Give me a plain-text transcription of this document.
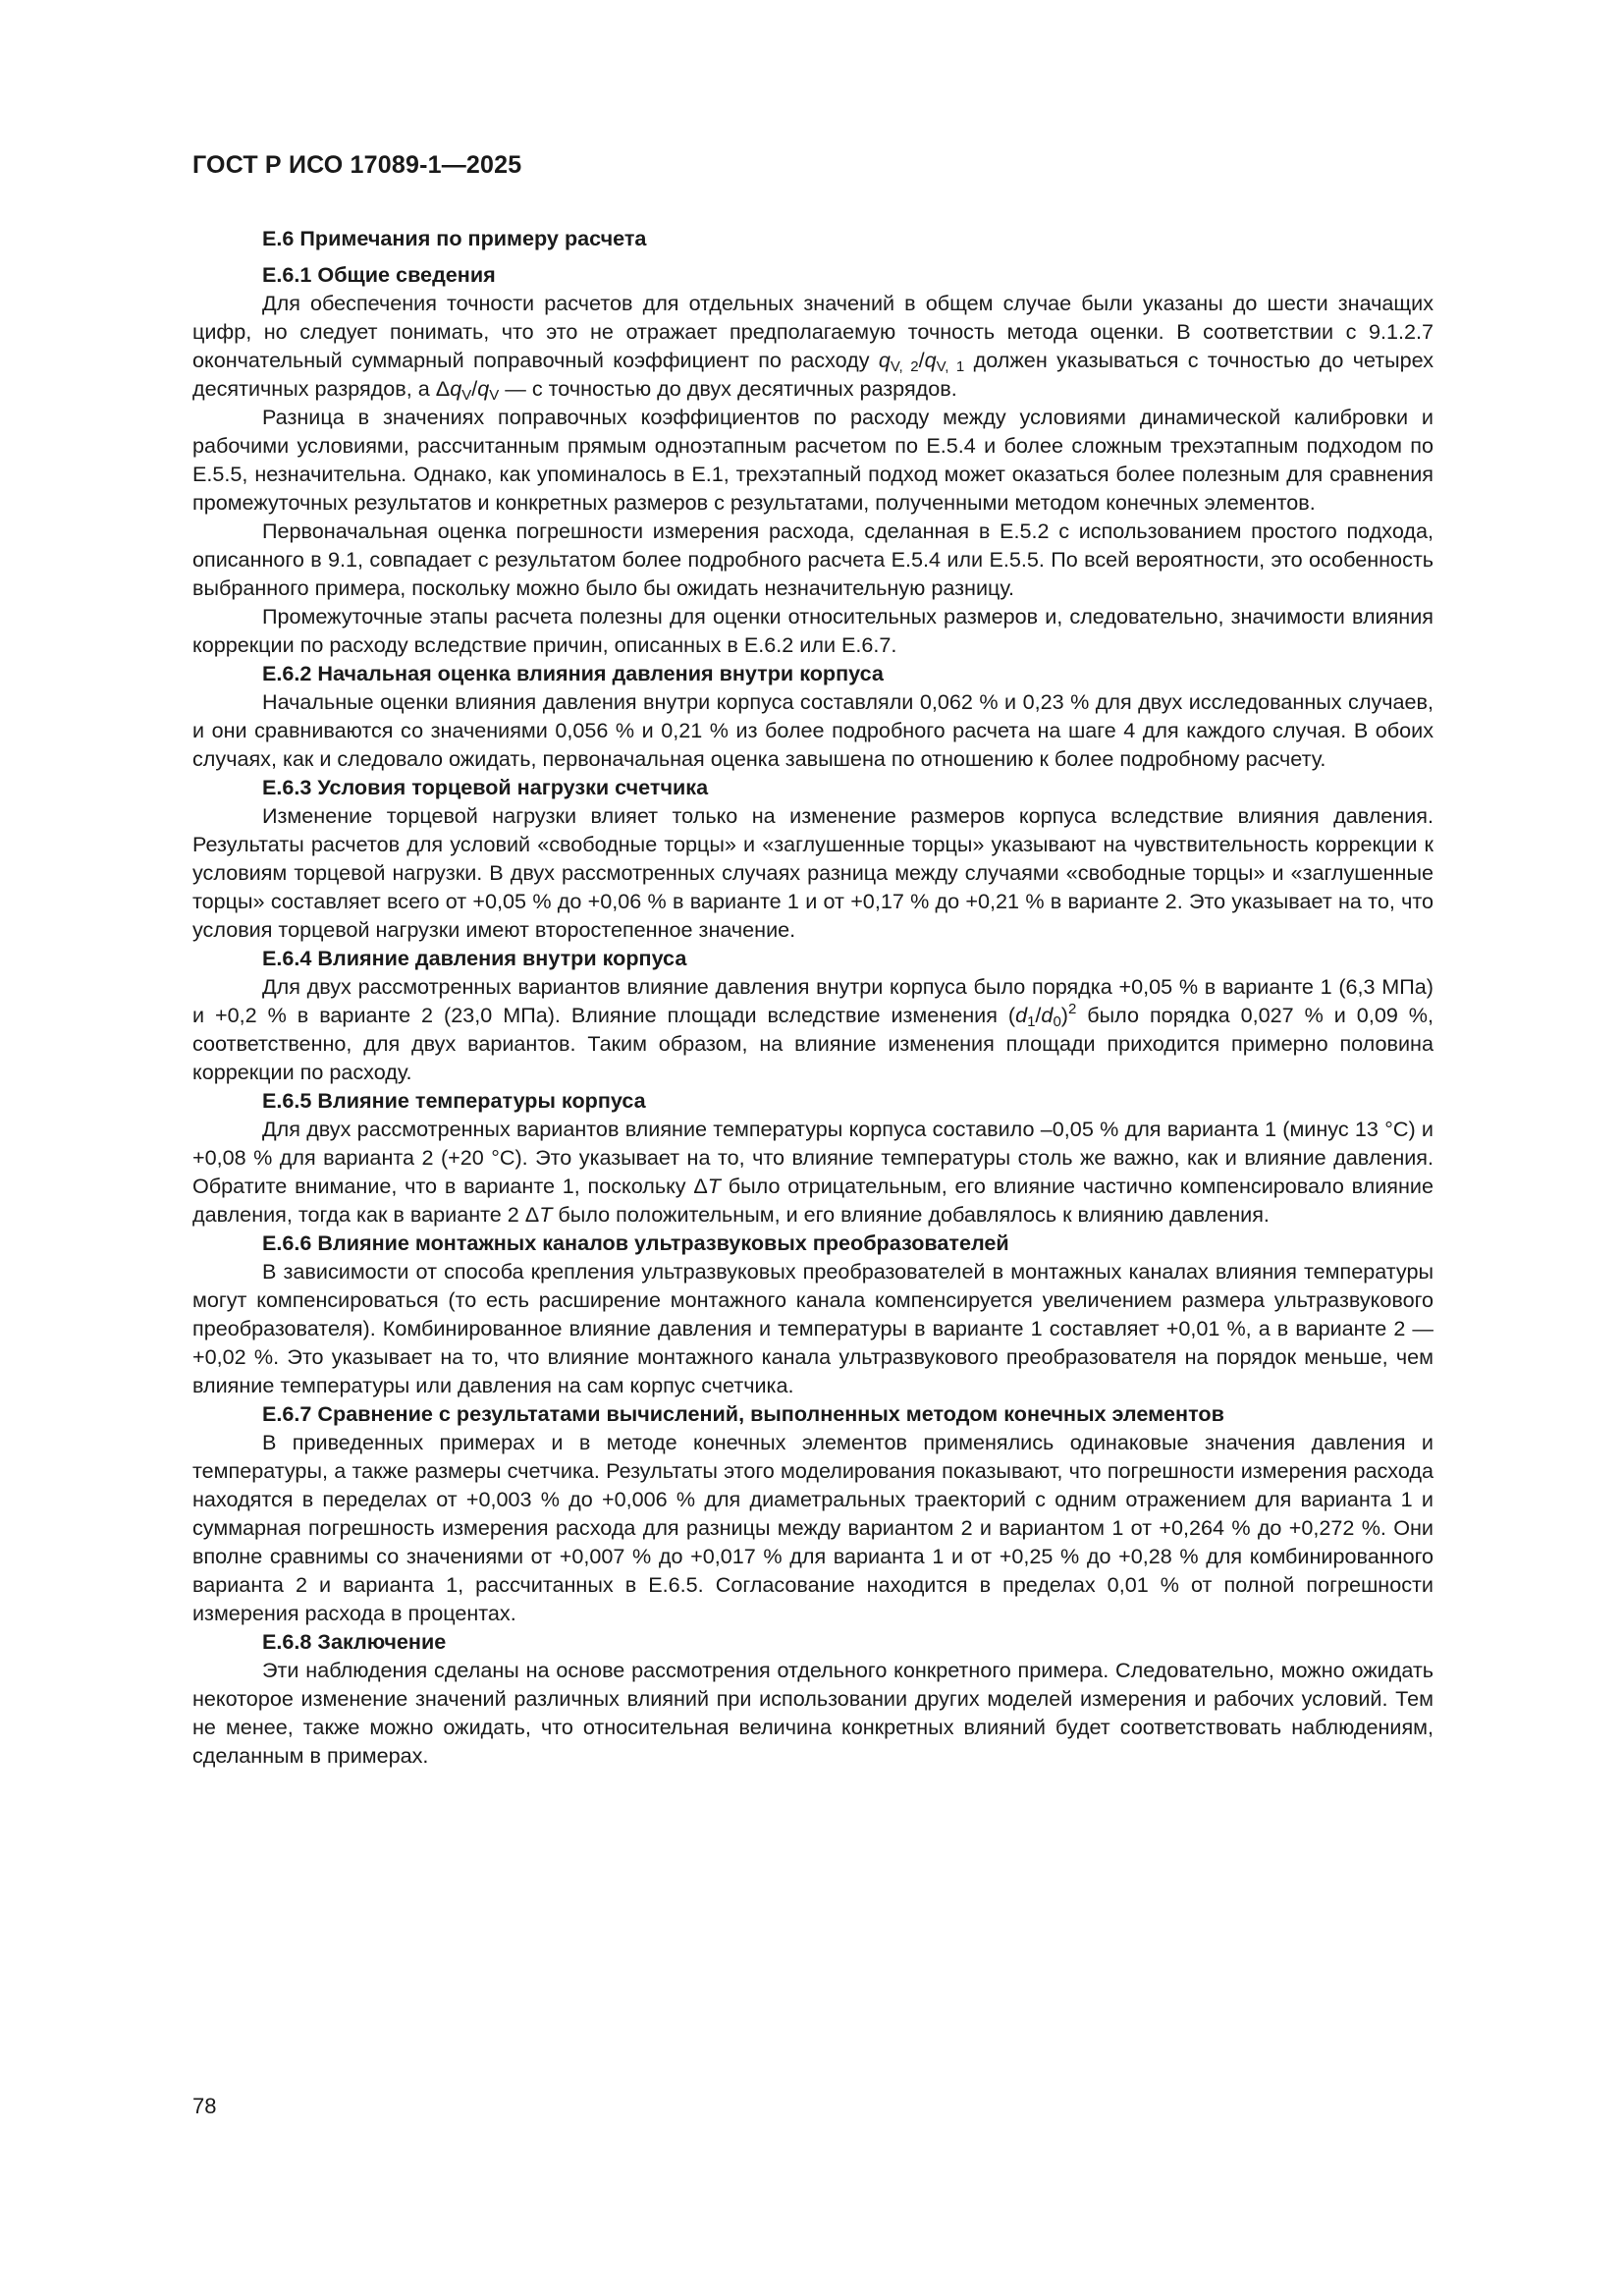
ГОСТ Р ИСО 17089-1—2025
Е.6 Примечания по примеру расчета
Е.6.1 Общие сведения

Для обеспечения точности расчетов для отдельных значений в общем случае были указаны до шести значащих цифр, но следует понимать, что это не отражает предполагаемую точность метода оценки. В соответствии с 9.1.2.7 окончательный суммарный поправочный коэффициент по расходу $q_{V, 2}/q_{V, 1}$ должен указываться с точностью до четырех десятичных разрядов, а $\Delta q_V/q_V$ — с точностью до двух десятичных разрядов.

Разница в значениях поправочных коэффициентов по расходу между условиями динамической калибровки и рабочими условиями, рассчитанным прямым одноэтапным расчетом по Е.5.4 и более сложным трехэтапным подходом по Е.5.5, незначительна. Однако, как упоминалось в Е.1, трехэтапный подход может оказаться более полезным для сравнения промежуточных результатов и конкретных размеров с результатами, полученными методом конечных элементов.

Первоначальная оценка погрешности измерения расхода, сделанная в Е.5.2 с использованием простого подхода, описанного в 9.1, совпадает с результатом более подробного расчета Е.5.4 или Е.5.5. По всей вероятности, это особенность выбранного примера, поскольку можно было бы ожидать незначительную разницу.

Промежуточные этапы расчета полезны для оценки относительных размеров и, следовательно, значимости влияния коррекции по расходу вследствие причин, описанных в Е.6.2 или Е.6.7.

Е.6.2 Начальная оценка влияния давления внутри корпуса

Начальные оценки влияния давления внутри корпуса составляли 0,062 % и 0,23 % для двух исследованных случаев, и они сравниваются со значениями 0,056 % и 0,21 % из более подробного расчета на шаге 4 для каждого случая. В обоих случаях, как и следовало ожидать, первоначальная оценка завышена по отношению к более подробному расчету.

Е.6.3 Условия торцевой нагрузки счетчика

Изменение торцевой нагрузки влияет только на изменение размеров корпуса вследствие влияния давления. Результаты расчетов для условий «свободные торцы» и «заглушенные торцы» указывают на чувствительность коррекции к условиям торцевой нагрузки. В двух рассмотренных случаях разница между случаями «свободные торцы» и «заглушенные торцы» составляет всего от +0,05 % до +0,06 % в варианте 1 и от +0,17 % до +0,21 % в варианте 2. Это указывает на то, что условия торцевой нагрузки имеют второстепенное значение.

Е.6.4 Влияние давления внутри корпуса

Для двух рассмотренных вариантов влияние давления внутри корпуса было порядка +0,05 % в варианте 1 (6,3 МПа) и +0,2 % в варианте 2 (23,0 МПа). Влияние площади вследствие изменения $(d_1/d_0)^2$ было порядка 0,027 % и 0,09 %, соответственно, для двух вариантов. Таким образом, на влияние изменения площади приходится примерно половина коррекции по расходу.

Е.6.5 Влияние температуры корпуса

Для двух рассмотренных вариантов влияние температуры корпуса составило –0,05 % для варианта 1 (минус 13 °C) и +0,08 % для варианта 2 (+20 °C). Это указывает на то, что влияние температуры столь же важно, как и влияние давления. Обратите внимание, что в варианте 1, поскольку ΔT было отрицательным, его влияние частично компенсировало влияние давления, тогда как в варианте 2 ΔT было положительным, и его влияние добавлялось к влиянию давления.

Е.6.6 Влияние монтажных каналов ультразвуковых преобразователей

В зависимости от способа крепления ультразвуковых преобразователей в монтажных каналах влияния температуры могут компенсироваться (то есть расширение монтажного канала компенсируется увеличением размера ультразвукового преобразователя). Комбинированное влияние давления и температуры в варианте 1 составляет +0,01 %, а в варианте 2 — +0,02 %. Это указывает на то, что влияние монтажного канала ультразвукового преобразователя на порядок меньше, чем влияние температуры или давления на сам корпус счетчика.

Е.6.7 Сравнение с результатами вычислений, выполненных методом конечных элементов

В приведенных примерах и в методе конечных элементов применялись одинаковые значения давления и температуры, а также размеры счетчика. Результаты этого моделирования показывают, что погрешности измерения расхода находятся в переделах от +0,003 % до +0,006 % для диаметральных траекторий с одним отражением для варианта 1 и суммарная погрешность измерения расхода для разницы между вариантом 2 и вариантом 1 от +0,264 % до +0,272 %. Они вполне сравнимы со значениями от +0,007 % до +0,017 % для варианта 1 и от +0,25 % до +0,28 % для комбинированного варианта 2 и варианта 1, рассчитанных в Е.6.5. Согласование находится в пределах 0,01 % от полной погрешности измерения расхода в процентах.

Е.6.8 Заключение

Эти наблюдения сделаны на основе рассмотрения отдельного конкретного примера. Следовательно, можно ожидать некоторое изменение значений различных влияний при использовании других моделей измерения и рабочих условий. Тем не менее, также можно ожидать, что относительная величина конкретных влияний будет соответствовать наблюдениям, сделанным в примерах.

78
